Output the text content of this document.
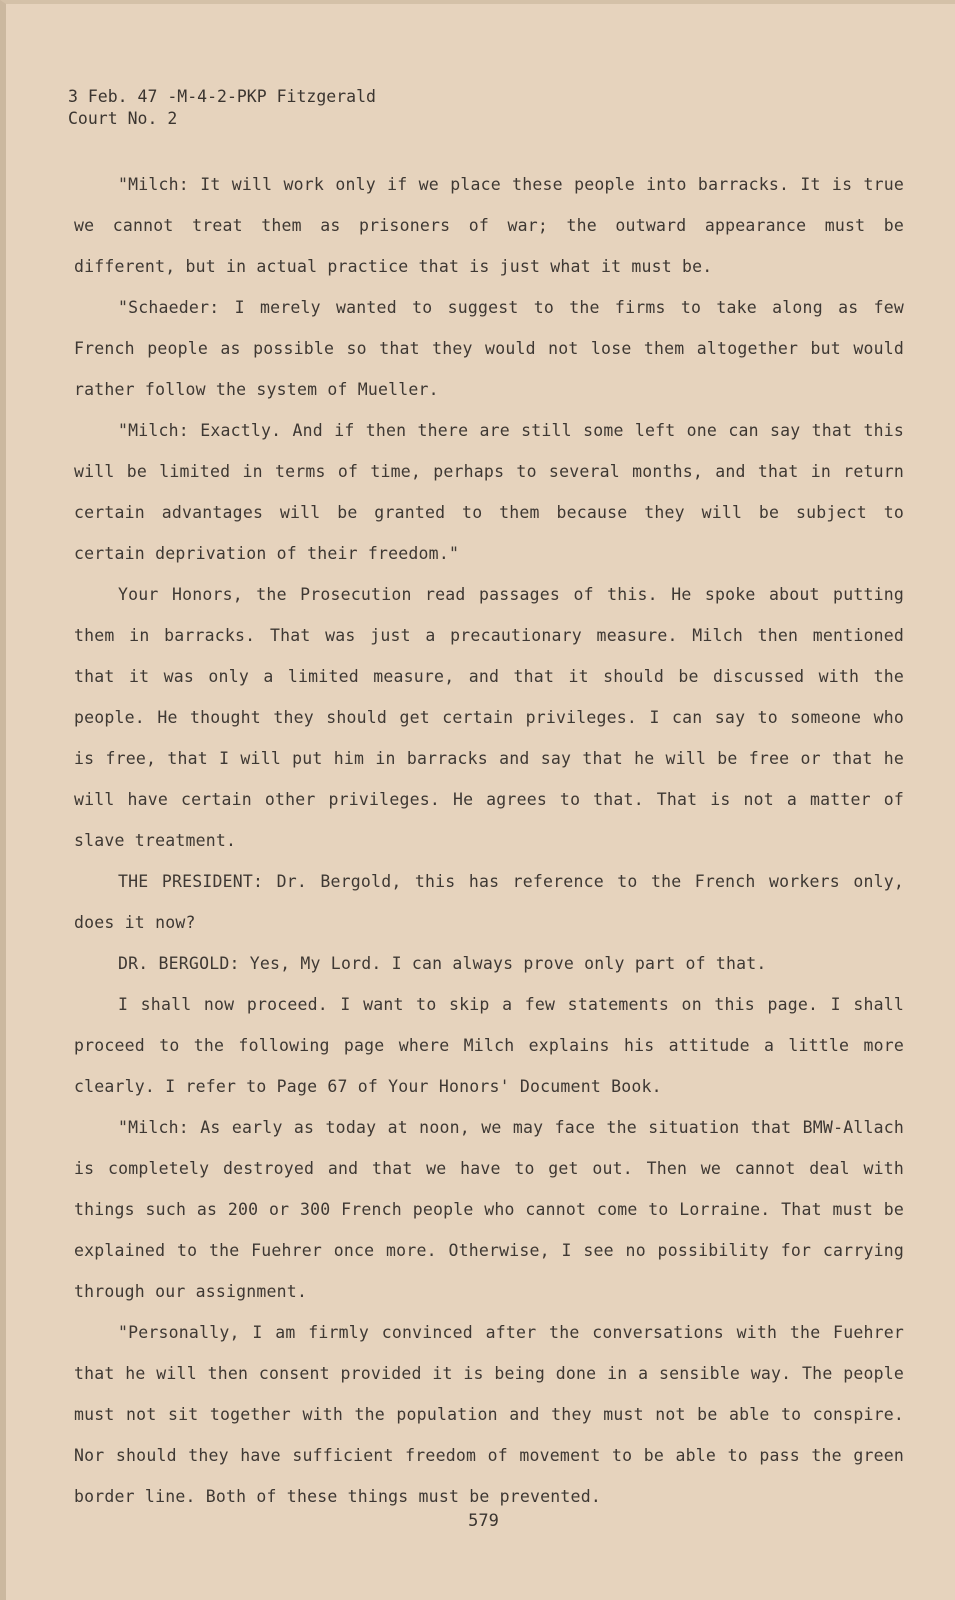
3 Feb. 47 -M-4-2-PKP Fitzgerald
Court No. 2

"Milch: It will work only if we place these people into barracks. It is true we cannot treat them as prisoners of war; the outward appearance must be different, but in actual practice that is just what it must be.

"Schaeder: I merely wanted to suggest to the firms to take along as few French people as possible so that they would not lose them altogether but would rather follow the system of Mueller.

"Milch: Exactly. And if then there are still some left one can say that this will be limited in terms of time, perhaps to several months, and that in return certain advantages will be granted to them because they will be subject to certain deprivation of their freedom."

Your Honors, the Prosecution read passages of this. He spoke about putting them in barracks. That was just a precautionary measure. Milch then mentioned that it was only a limited measure, and that it should be discussed with the people. He thought they should get certain privileges. I can say to someone who is free, that I will put him in barracks and say that he will be free or that he will have certain other privileges. He agrees to that. That is not a matter of slave treatment.

THE PRESIDENT: Dr. Bergold, this has reference to the French workers only, does it now?

DR. BERGOLD: Yes, My Lord. I can always prove only part of that.

I shall now proceed. I want to skip a few statements on this page. I shall proceed to the following page where Milch explains his attitude a little more clearly. I refer to Page 67 of Your Honors' Document Book.

"Milch: As early as today at noon, we may face the situation that BMW-Allach is completely destroyed and that we have to get out. Then we cannot deal with things such as 200 or 300 French people who cannot come to Lorraine. That must be explained to the Fuehrer once more. Otherwise, I see no possibility for carrying through our assignment.

"Personally, I am firmly convinced after the conversations with the Fuehrer that he will then consent provided it is being done in a sensible way. The people must not sit together with the population and they must not be able to conspire. Nor should they have sufficient freedom of movement to be able to pass the green border line. Both of these things must be prevented.

579
